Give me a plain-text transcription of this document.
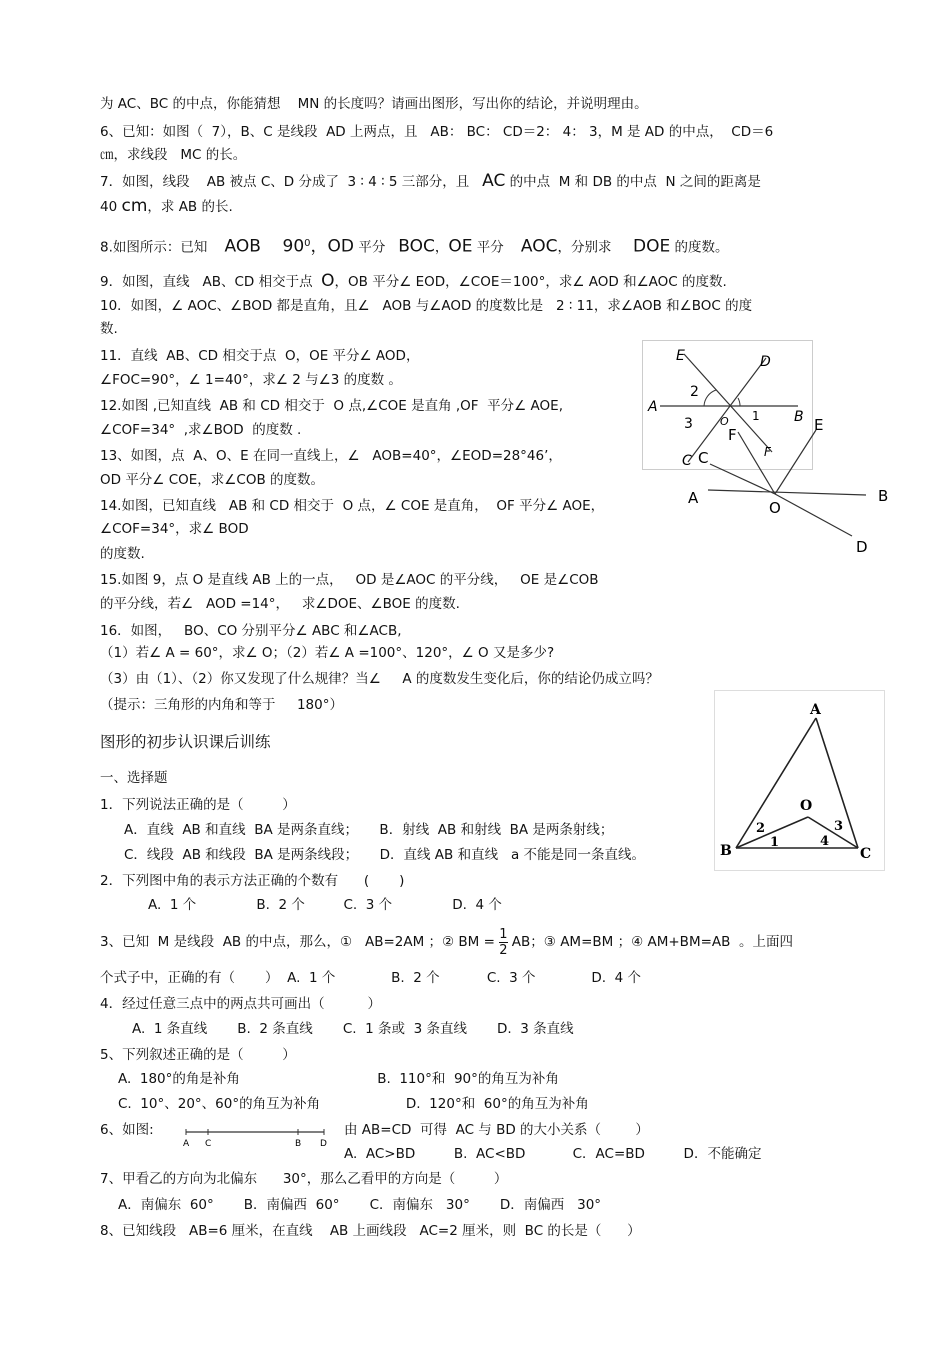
为 AC、BC 的中点，你能猜想    MN 的长度吗？请画出图形，写出你的结论，并说明理由。
6、已知：如图（  7），B、C 是线段  AD 上两点，且   AB： BC： CD＝2： 4： 3，M 是 AD 的中点，  CD＝6
㎝，求线段   MC 的长。
7．如图，线段    AB 被点 C、D 分成了  3 ∶ 4 ∶ 5 三部分，且   AC 的中点  M 和 DB 的中点  N 之间的距离是
40 cm，求 AB 的长.
8.如图所示：已知    AOB    $90^0$，OD 平分   BOC，OE 平分    AOC，分别求     DOE 的度数。
9．如图，直线   AB、CD 相交于点  O，OB 平分∠ EOD，∠COE＝100°，求∠ AOD 和∠AOC 的度数.
10．如图，∠ AOC、∠BOD 都是直角，且∠   AOB 与∠AOD 的度数比是   2 ∶ 11，求∠AOB 和∠BOC 的度
数.
11．直线  AB、CD 相交于点  O，OE 平分∠ AOD，
∠FOC=90°，∠ 1=40°，求∠ 2 与∠3 的度数 。
12.如图 ,已知直线  AB 和 CD 相交于  O 点,∠COE 是直角 ,OF  平分∠ AOE,
∠COF=34°  ,求∠BOD  的度数 .
13、如图，点  A、O、E 在同一直线上，∠   AOB=40°，∠EOD=28°46’，
OD 平分∠ COE，求∠COB 的度数。
14.如图，已知直线   AB 和 CD 相交于  O 点，∠ COE 是直角，  OF 平分∠ AOE，
∠COF=34°，求∠ BOD
的度数.
15.如图 9，点 O 是直线 AB 上的一点，   OD 是∠AOC 的平分线，   OE 是∠COB
的平分线，若∠   AOD =14°，   求∠DOE、∠BOE 的度数.
16．如图，   BO、CO 分别平分∠ ABC 和∠ACB,
（1）若∠ A = 60°，求∠ O；（2）若∠ A =100°、120°，∠ O 又是多少?
（3）由（1）、（2）你又发现了什么规律？当∠     A 的度数发生变化后，你的结论仍成立吗？
（提示：三角形的内角和等于     180°）
图形的初步认识课后训练
一、选择题
1．下列说法正确的是（         ）
A．直线  AB 和直线  BA 是两条直线；     B．射线  AB 和射线  BA 是两条射线；
C．线段  AB 和线段  BA 是两条线段；     D．直线 AB 和直线   a 不能是同一条直线。
2．下列图中角的表示方法正确的个数有      (       )
A.  1 个              B.  2 个         C.  3 个              D.  4 个
3、已知  M 是线段  AB 的中点，那么，①   AB=2AM ；② BM = $\frac{1}{2}$ AB；③ AM=BM ；④ AM+BM=AB  。上面四
个式子中，正确的有（       ）  A.  1 个             B.  2 个           C.  3 个             D.  4 个
4．经过任意三点中的两点共可画出（          ）
A.  1 条直线       B.  2 条直线       C.  1 条或  3 条直线       D.  3 条直线
5、下列叙述正确的是（         ）
A.  180°的角是补角                                B.  110°和  90°的角互为补角
C.  10°、20°、60°的角互为补角                    D.  120°和  60°的角互为补角
6、如图:	由 AB=CD  可得  AC 与 BD 的大小关系（        ）
A.  AC>BD         B.  AC<BD           C．AC=BD         D．不能确定
7、甲看乙的方向为北偏东      30°，那么乙看甲的方向是（         ）
A．南偏东  60°       B．南偏西  60°       C．南偏东   30°       D．南偏西   30°
8、已知线段   AB=6 厘米，在直线    AB 上画线段   AC=2 厘米，则  BC 的长是（      ）
E	D
A
B
C
F
O
2
3	1
F
E
C
A
O
B
D
A
O
B	C
2
1
3
4
A C	B D
